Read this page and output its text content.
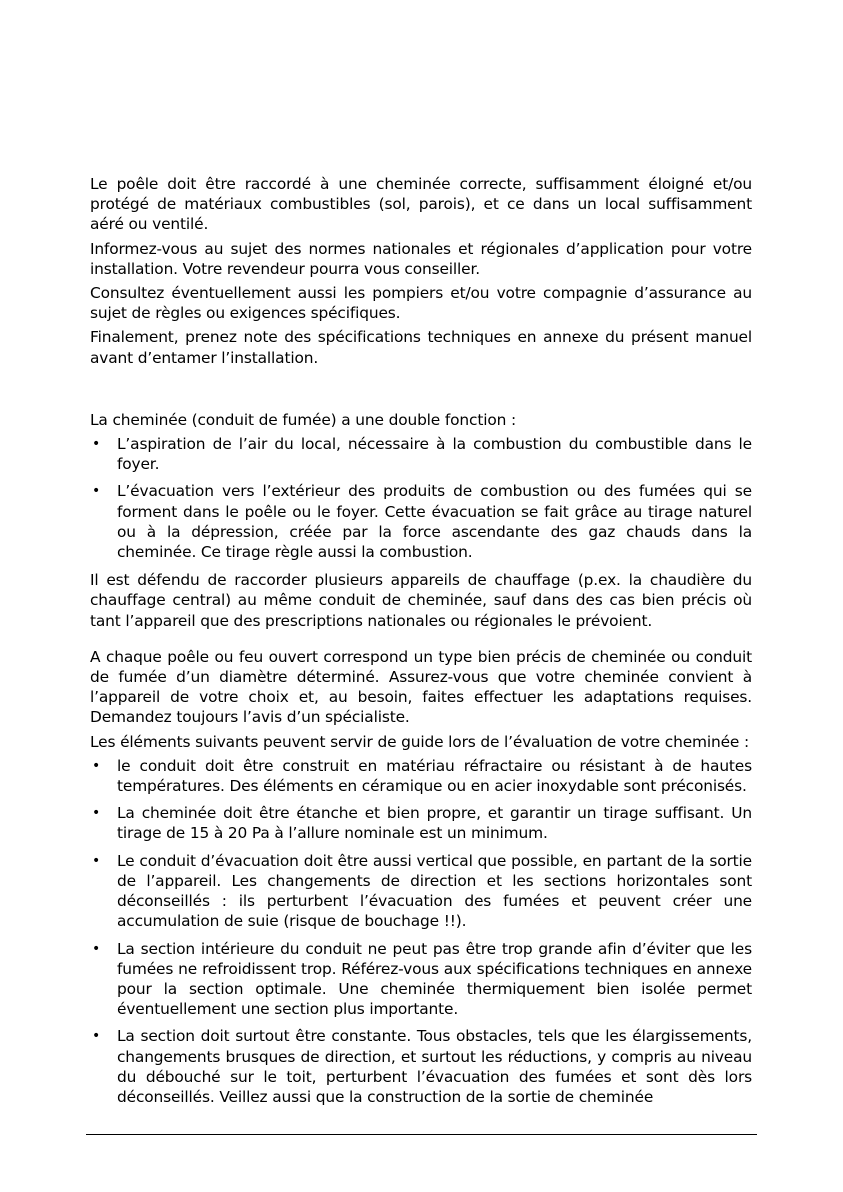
Le poêle doit être raccordé à une cheminée correcte, suffisamment éloigné et/ou protégé de matériaux combustibles (sol, parois), et ce dans un local suffisamment aéré ou ventilé.

Informez-vous au sujet des normes nationales et régionales d’application pour votre installation. Votre revendeur pourra vous conseiller.

Consultez éventuellement aussi les pompiers et/ou votre compagnie d’assurance au sujet de règles ou exigences spécifiques.

Finalement, prenez note des spécifications techniques en annexe du présent manuel avant d’entamer l’installation.

La cheminée (conduit de fumée) a une double fonction :

• L’aspiration de l’air du local, nécessaire à la combustion du combustible dans le foyer.
• L’évacuation vers l’extérieur des produits de combustion ou des fumées qui se forment dans le poêle ou le foyer. Cette évacuation se fait grâce au tirage naturel ou à la dépression, créée par la force ascendante des gaz chauds dans la cheminée. Ce tirage règle aussi la combustion.

Il est défendu de raccorder plusieurs appareils de chauffage (p.ex. la chaudière du chauffage central) au même conduit de cheminée, sauf dans des cas bien précis où tant l’appareil que des prescriptions nationales ou régionales le prévoient.

A chaque poêle ou feu ouvert correspond un type bien précis de cheminée ou conduit de fumée d’un diamètre déterminé. Assurez-vous que votre cheminée convient à l’appareil de votre choix et, au besoin, faites effectuer les adaptations requises. Demandez toujours l’avis d’un spécialiste.

Les éléments suivants peuvent servir de guide lors de l’évaluation de votre cheminée :

• le conduit doit être construit en matériau réfractaire ou résistant à de hautes températures. Des éléments en céramique ou en acier inoxydable sont préconisés.
• La cheminée doit être étanche et bien propre, et garantir un tirage suffisant. Un tirage de 15 à 20 Pa à l’allure nominale est un minimum.
• Le conduit d’évacuation doit être aussi vertical que possible, en partant de la sortie de l’appareil. Les changements de direction et les sections horizontales sont déconseillés : ils perturbent l’évacuation des fumées et peuvent créer une accumulation de suie (risque de bouchage !!).
• La section intérieure du conduit ne peut pas être trop grande afin d’éviter que les fumées ne refroidissent trop. Référez-vous aux spécifications techniques en annexe pour la section optimale. Une cheminée thermiquement bien isolée permet éventuellement une section plus importante.
• La section doit surtout être constante. Tous obstacles, tels que les élargissements, changements brusques de direction, et surtout les réductions, y compris au niveau du débouché sur le toit, perturbent l’évacuation des fumées et sont dès lors déconseillés. Veillez aussi que la construction de la sortie de cheminée
